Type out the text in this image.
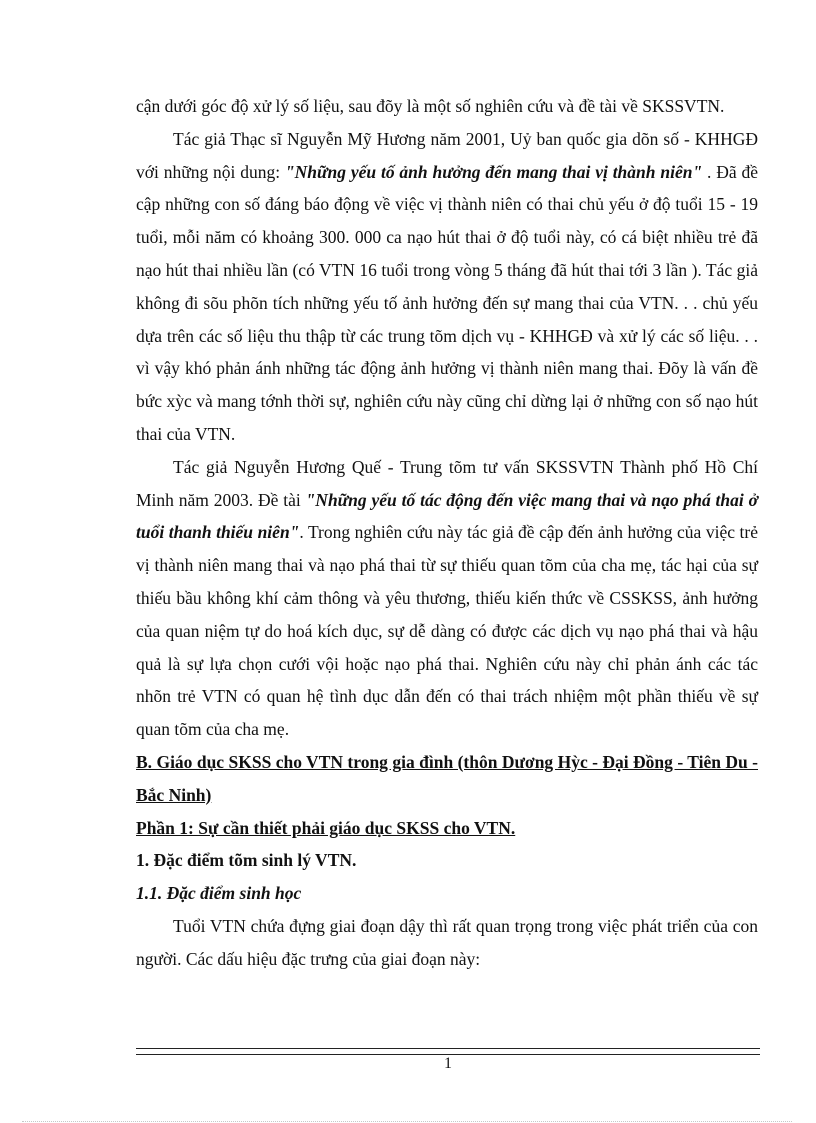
cận dưới góc độ xử lý số liệu, sau đõy là một số nghiên cứu và đề tài về SKSSVTN.

Tác giả Thạc sĩ Nguyễn Mỹ Hương năm 2001, Uỷ ban quốc gia dõn số - KHHGĐ với những nội dung: "Những yếu tố ảnh hưởng đến mang thai vị thành niên" . Đã đề cập những con số đáng báo động về việc vị thành niên có thai chủ yếu ở độ tuổi 15 - 19 tuổi, mỗi năm có khoảng 300. 000 ca nạo hút thai ở độ tuổi này, có cá biệt nhiều trẻ đã nạo hút thai nhiều lần (có VTN 16 tuổi trong vòng 5 tháng đã hút thai tới 3 lần ). Tác giả không đi sõu phõn tích những yếu tố ảnh hưởng đến sự mang thai của VTN. . . chủ yếu dựa trên các số liệu thu thập từ các trung tõm dịch vụ - KHHGĐ và xử lý các số liệu. . . vì vậy khó phản ánh những tác động ảnh hưởng vị thành niên mang thai. Đõy là vấn đề bức xỳc và mang tớnh thời sự, nghiên cứu này cũng chỉ dừng lại ở những con số nạo hút thai của VTN.

Tác giả Nguyễn Hương Quế - Trung tõm tư vấn SKSSVTN Thành phố Hồ Chí Minh năm 2003. Đề tài "Những yếu tố tác động đến việc mang thai và nạo phá thai ở tuổi thanh thiếu niên". Trong nghiên cứu này tác giả đề cập đến ảnh hưởng của việc trẻ vị thành niên mang thai và nạo phá thai từ sự thiếu quan tõm của cha mẹ, tác hại của sự thiếu bầu không khí cảm thông và yêu thương, thiếu kiến thức về CSSKSS, ảnh hưởng của quan niệm tự do hoá kích dục, sự dễ dàng có được các dịch vụ nạo phá thai và hậu quả là sự lựa chọn cưới vội hoặc nạo phá thai. Nghiên cứu này chỉ phản ánh các tác nhõn trẻ VTN có quan hệ tình dục dẫn đến có thai trách nhiệm một phần thiếu về sự quan tõm của cha mẹ.

B. Giáo dục SKSS cho VTN trong gia đình (thôn Dương Hỳc - Đại Đồng - Tiên Du - Bắc Ninh)

Phần 1: Sự cần thiết phải giáo dục SKSS cho VTN.

1. Đặc điểm tõm sinh lý VTN.

1.1. Đặc điểm sinh học

Tuổi VTN chứa đựng giai đoạn dậy thì rất quan trọng trong việc phát triển của con người. Các dấu hiệu đặc trưng của giai đoạn này:

1
